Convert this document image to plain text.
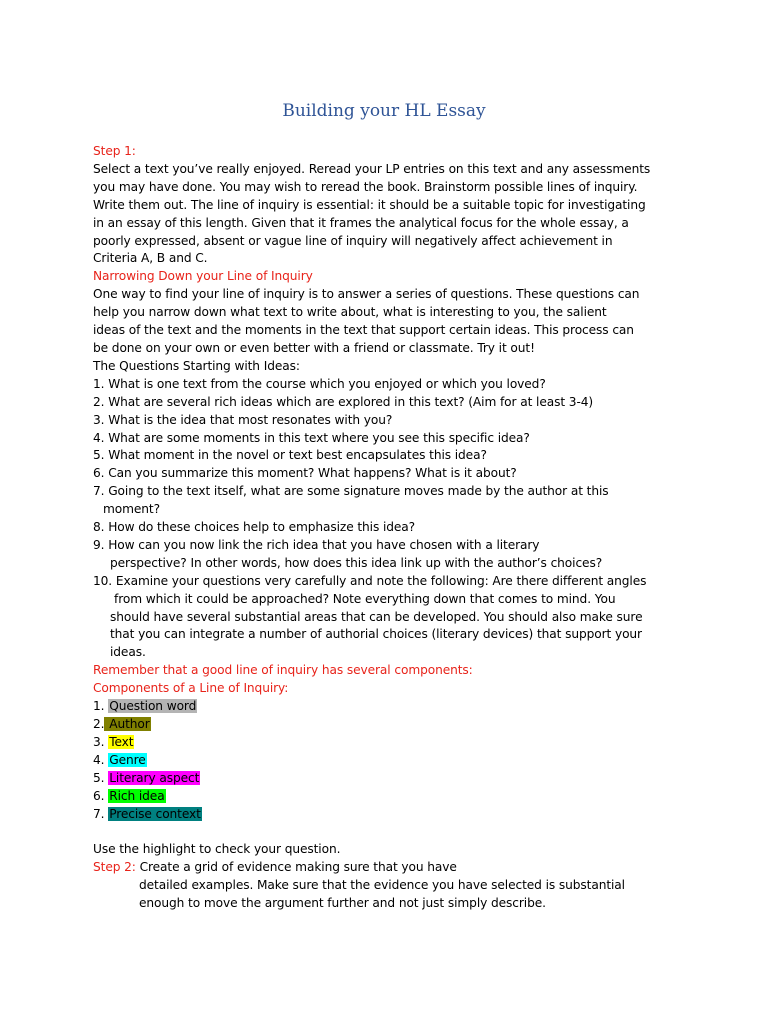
Building your HL Essay

Step 1:

Select a text you’ve really enjoyed. Reread your LP entries on this text and any assessments

you may have done. You may wish to reread the book. Brainstorm possible lines of inquiry.

Write them out. The line of inquiry is essential: it should be a suitable topic for investigating

in an essay of this length. Given that it frames the analytical focus for the whole essay, a

poorly expressed, absent or vague line of inquiry will negatively affect achievement in

Criteria A, B and C.

Narrowing Down your Line of Inquiry

One way to find your line of inquiry is to answer a series of questions. These questions can

help you narrow down what text to write about, what is interesting to you, the salient

ideas of the text and the moments in the text that support certain ideas. This process can

be done on your own or even better with a friend or classmate. Try it out!

The Questions Starting with Ideas:

1. What is one text from the course which you enjoyed or which you loved?

2. What are several rich ideas which are explored in this text? (Aim for at least 3-4)

3. What is the idea that most resonates with you?

4. What are some moments in this text where you see this specific idea?

5. What moment in the novel or text best encapsulates this idea?

6. Can you summarize this moment? What happens? What is it about?

7. Going to the text itself, what are some signature moves made by the author at this

moment?

8. How do these choices help to emphasize this idea?

9. How can you now link the rich idea that you have chosen with a literary

perspective? In other words, how does this idea link up with the author’s choices?

10. Examine your questions very carefully and note the following: Are there different angles

from which it could be approached? Note everything down that comes to mind. You

should have several substantial areas that can be developed. You should also make sure

that you can integrate a number of authorial choices (literary devices) that support your

ideas.

Remember that a good line of inquiry has several components:

Components of a Line of Inquiry:

1. Question word

2. Author

3. Text

4. Genre

5. Literary aspect

6. Rich idea

7. Precise context

Use the highlight to check your question.

Step 2: Create a grid of evidence making sure that you have

detailed examples. Make sure that the evidence you have selected is substantial

enough to move the argument further and not just simply describe.
